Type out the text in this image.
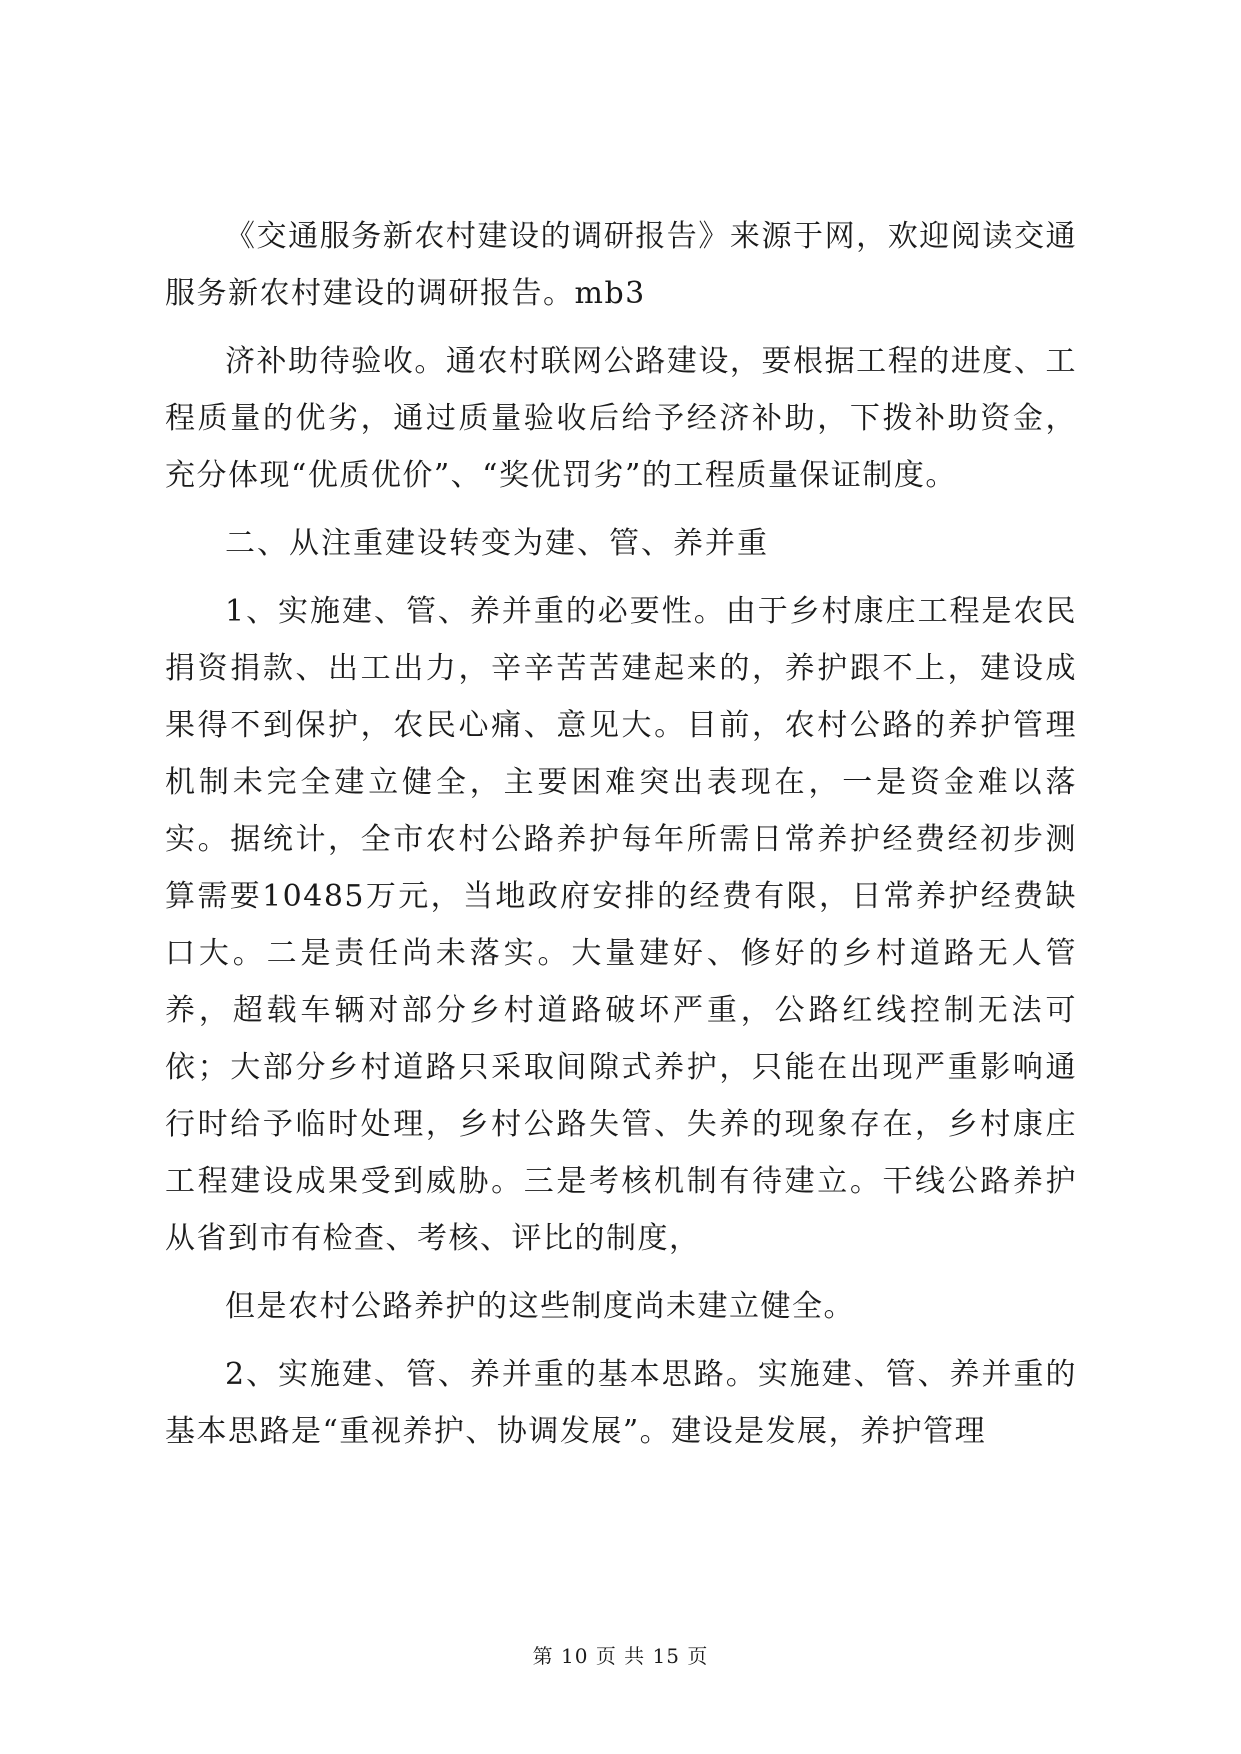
《交通服务新农村建设的调研报告》来源于网，欢迎阅读交通服务新农村建设的调研报告。mb3

济补助待验收。通农村联网公路建设，要根据工程的进度、工程质量的优劣，通过质量验收后给予经济补助，下拨补助资金，充分体现“优质优价”、“奖优罚劣”的工程质量保证制度。

二、从注重建设转变为建、管、养并重

1、实施建、管、养并重的必要性。由于乡村康庄工程是农民捐资捐款、出工出力，辛辛苦苦建起来的，养护跟不上，建设成果得不到保护，农民心痛、意见大。目前，农村公路的养护管理机制未完全建立健全，主要困难突出表现在，一是资金难以落实。据统计，全市农村公路养护每年所需日常养护经费经初步测算需要10485万元，当地政府安排的经费有限，日常养护经费缺口大。二是责任尚未落实。大量建好、修好的乡村道路无人管养，超载车辆对部分乡村道路破坏严重，公路红线控制无法可依；大部分乡村道路只采取间隙式养护，只能在出现严重影响通行时给予临时处理，乡村公路失管、失养的现象存在，乡村康庄工程建设成果受到威胁。三是考核机制有待建立。干线公路养护从省到市有检查、考核、评比的制度，

但是农村公路养护的这些制度尚未建立健全。

2、实施建、管、养并重的基本思路。实施建、管、养并重的基本思路是“重视养护、协调发展”。建设是发展，养护管理

第 10 页 共 15 页
